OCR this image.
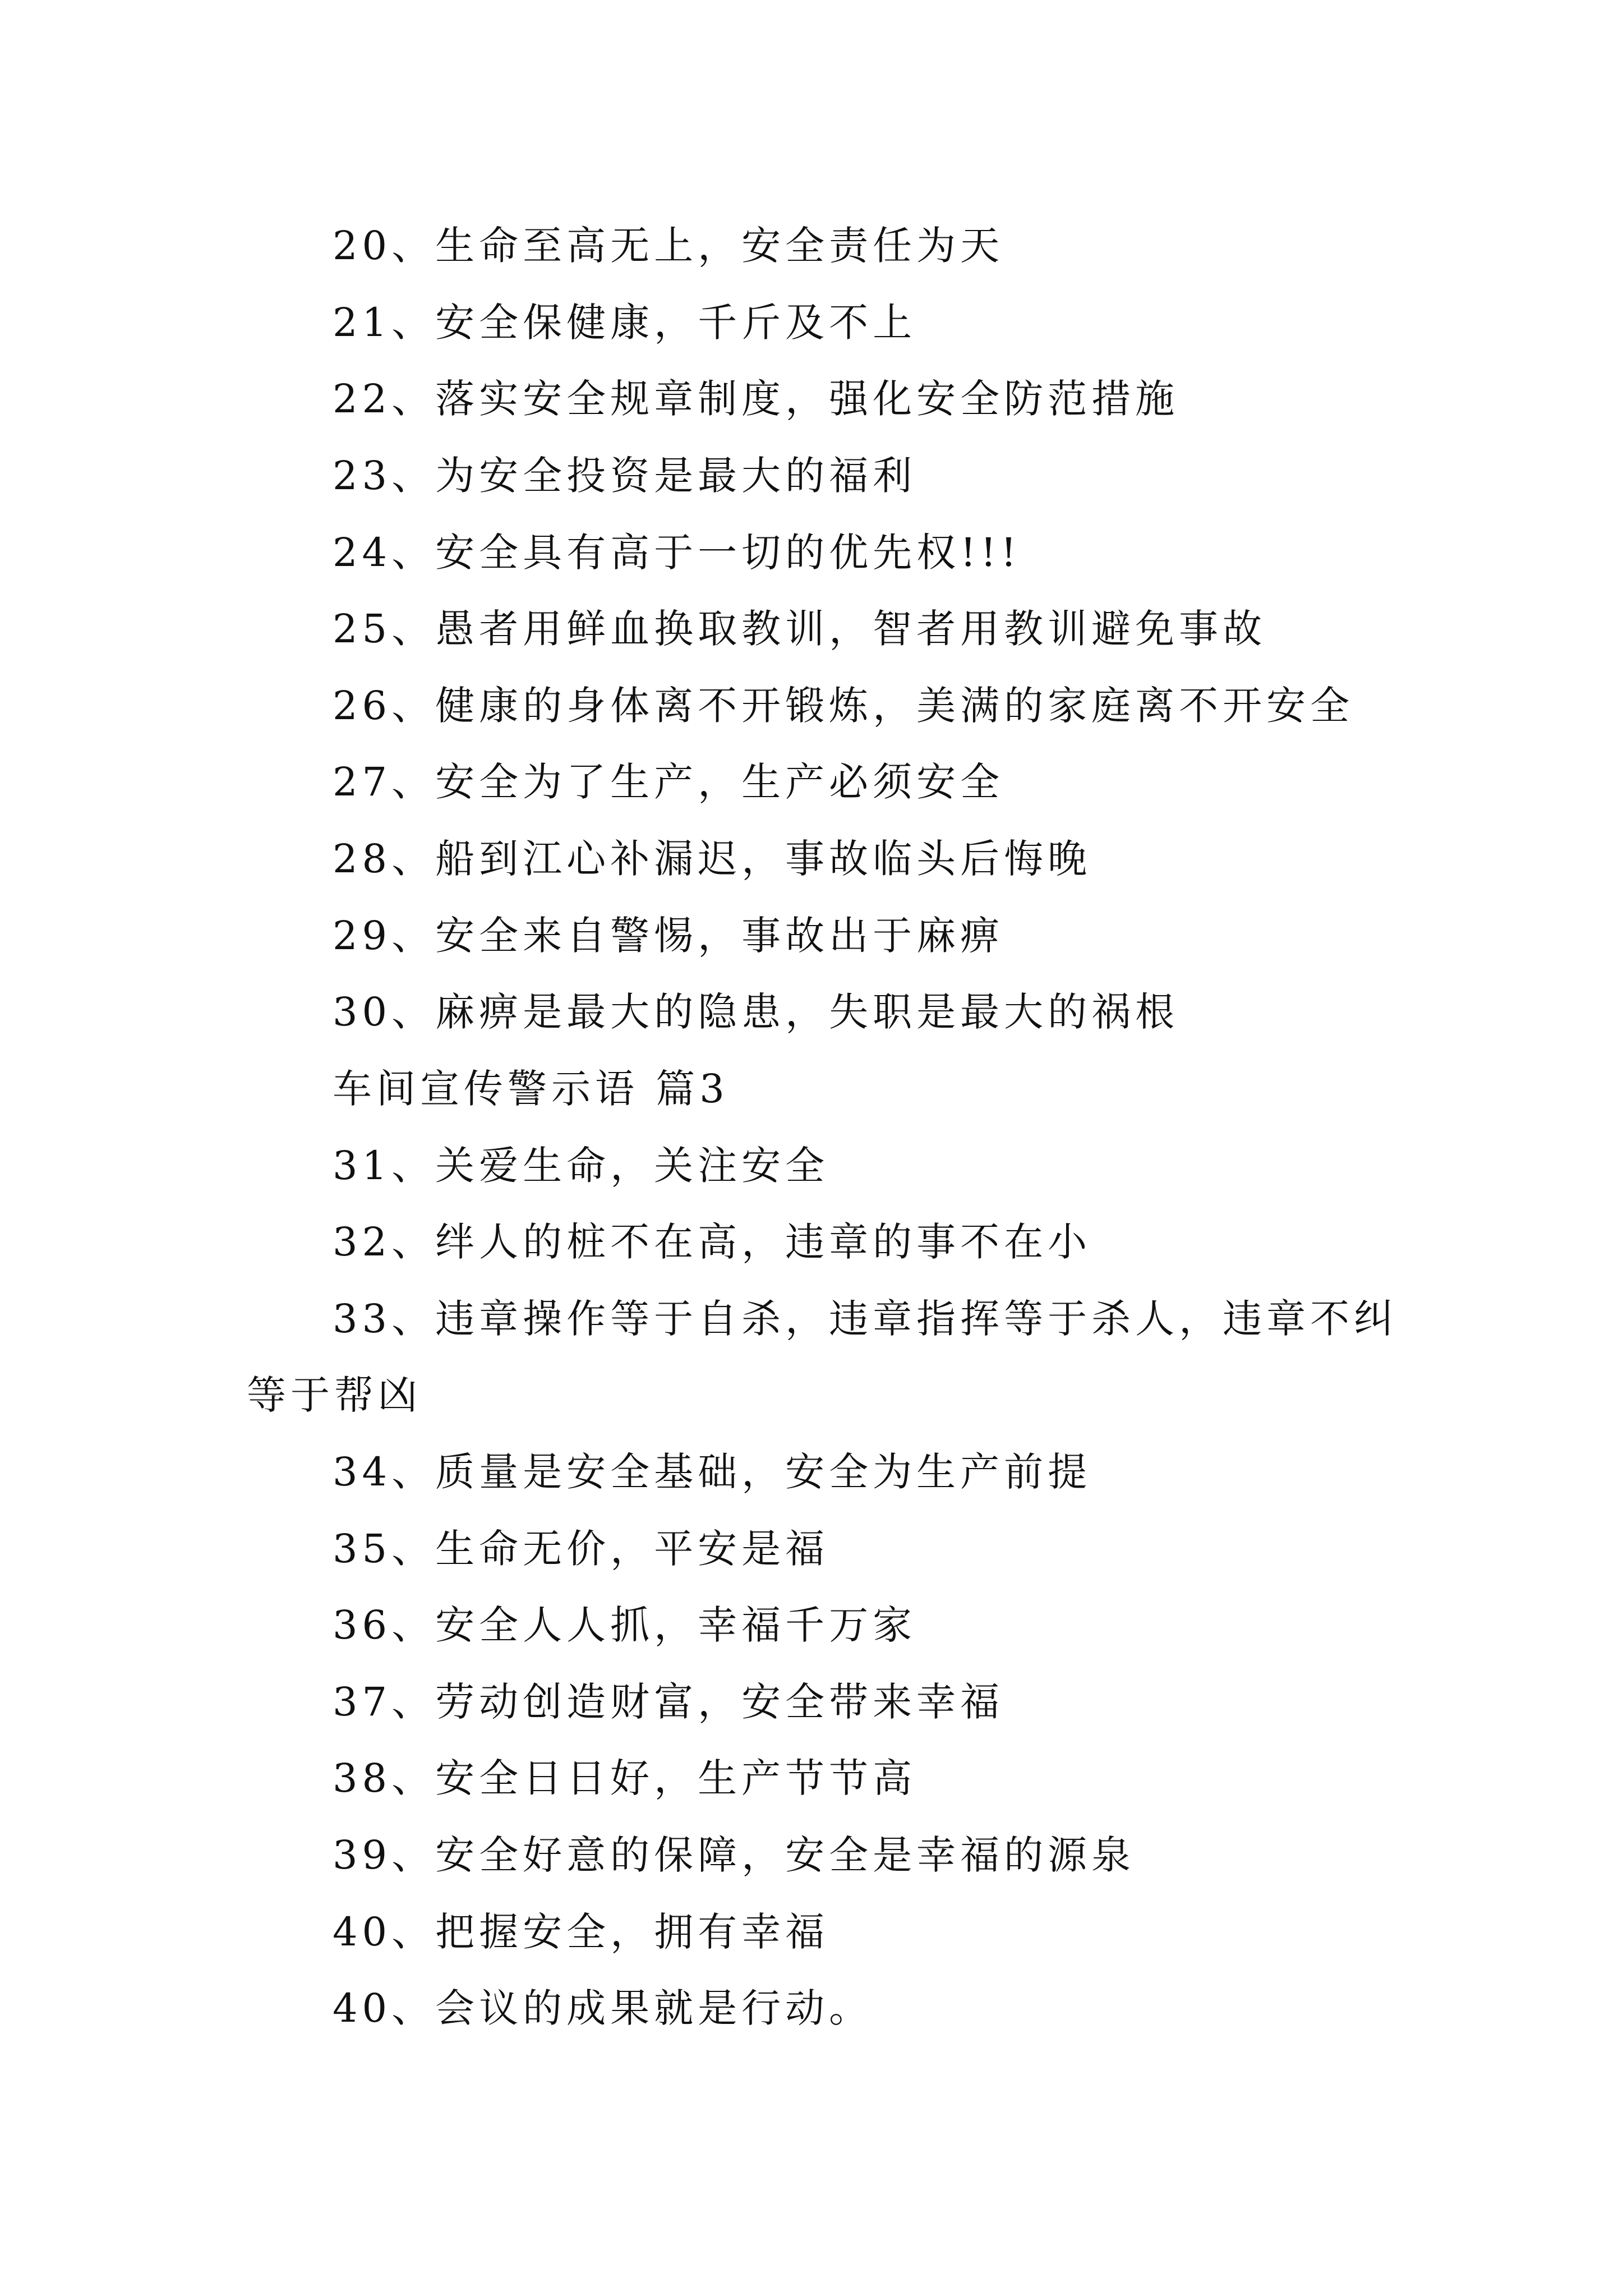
20、生命至高无上，安全责任为天

21、安全保健康，千斤及不上

22、落实安全规章制度，强化安全防范措施

23、为安全投资是最大的福利

24、安全具有高于一切的优先权!!!

25、愚者用鲜血换取教训，智者用教训避免事故

26、健康的身体离不开锻炼，美满的家庭离不开安全

27、安全为了生产，生产必须安全

28、船到江心补漏迟，事故临头后悔晚

29、安全来自警惕，事故出于麻痹

30、麻痹是最大的隐患，失职是最大的祸根

车间宣传警示语 篇3

31、关爱生命，关注安全

32、绊人的桩不在高，违章的事不在小

33、违章操作等于自杀，违章指挥等于杀人，违章不纠

等于帮凶

34、质量是安全基础，安全为生产前提

35、生命无价，平安是福

36、安全人人抓，幸福千万家

37、劳动创造财富，安全带来幸福

38、安全日日好，生产节节高

39、安全好意的保障，安全是幸福的源泉

40、把握安全，拥有幸福

40、会议的成果就是行动。
